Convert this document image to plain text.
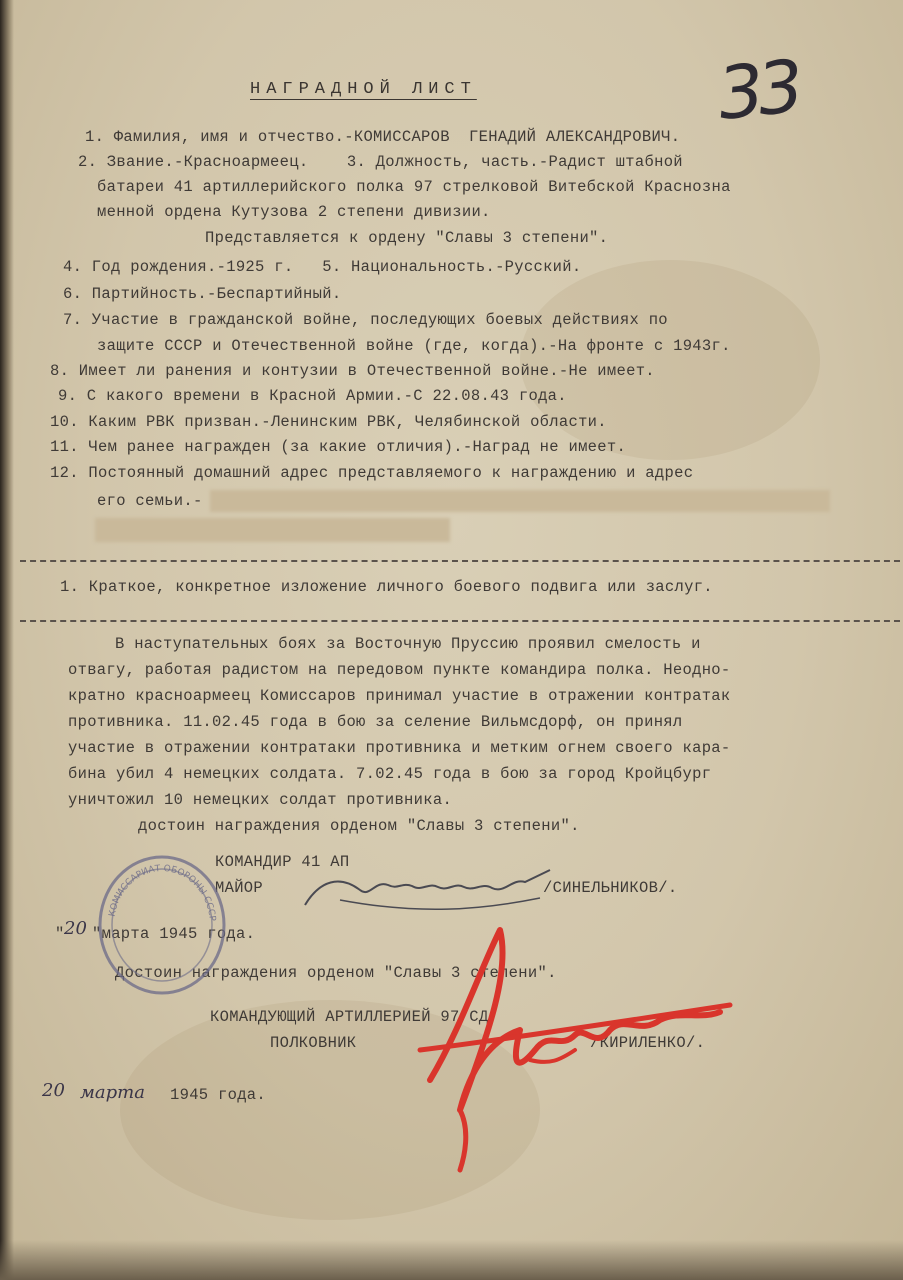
33
НАГРАДНОЙ ЛИСТ
1. Фамилия, имя и отчество.-КОМИССАРОВ  ГЕНАДИЙ АЛЕКСАНДРОВИЧ.
2. Звание.-Красноармеец.    3. Должность, часть.-Радист штабной
батареи 41 артиллерийского полка 97 стрелковой Витебской Краснозна
менной ордена Кутузова 2 степени дивизии.
Представляется к ордену "Славы 3 степени".
4. Год рождения.-1925 г.   5. Национальность.-Русский.
6. Партийность.-Беспартийный.
7. Участие в гражданской войне, последующих боевых действиях по
защите СССР и Отечественной войне (где, когда).-На фронте с 1943г.
8. Имеет ли ранения и контузии в Отечественной войне.-Не имеет.
9. С какого времени в Красной Армии.-С 22.08.43 года.
10. Каким РВК призван.-Ленинским РВК, Челябинской области.
11. Чем ранее награжден (за какие отличия).-Наград не имеет.
12. Постоянный домашний адрес представляемого к награждению и адрес
его семьи.-
1. Краткое, конкретное изложение личного боевого подвига или заслуг.
В наступательных боях за Восточную Пруссию проявил смелость и
отвагу, работая радистом на передовом пункте командира полка. Неодно-
кратно красноармеец Комиссаров принимал участие в отражении контратак
противника. 11.02.45 года в бою за селение Вильмсдорф, он принял
участие в отражении контратаки противника и метким огнем своего кара-
бина убил 4 немецких солдата. 7.02.45 года в бою за город Кройцбург
уничтожил 10 немецких солдат противника.
достоин награждения орденом "Славы 3 степени".
КОМАНДИР 41 АП
МАЙОР	/СИНЕЛЬНИКОВ/.
" 20 "марта 1945 года.
Достоин награждения орденом "Славы 3 степени".
КОМАНДУЮЩИЙ АРТИЛЛЕРИЕЙ 97 СД
ПОЛКОВНИК	/КИРИЛЕНКО/.
20 марта 1945 года.
КОМИССАРИАТ ОБОРОНЫ СССР
